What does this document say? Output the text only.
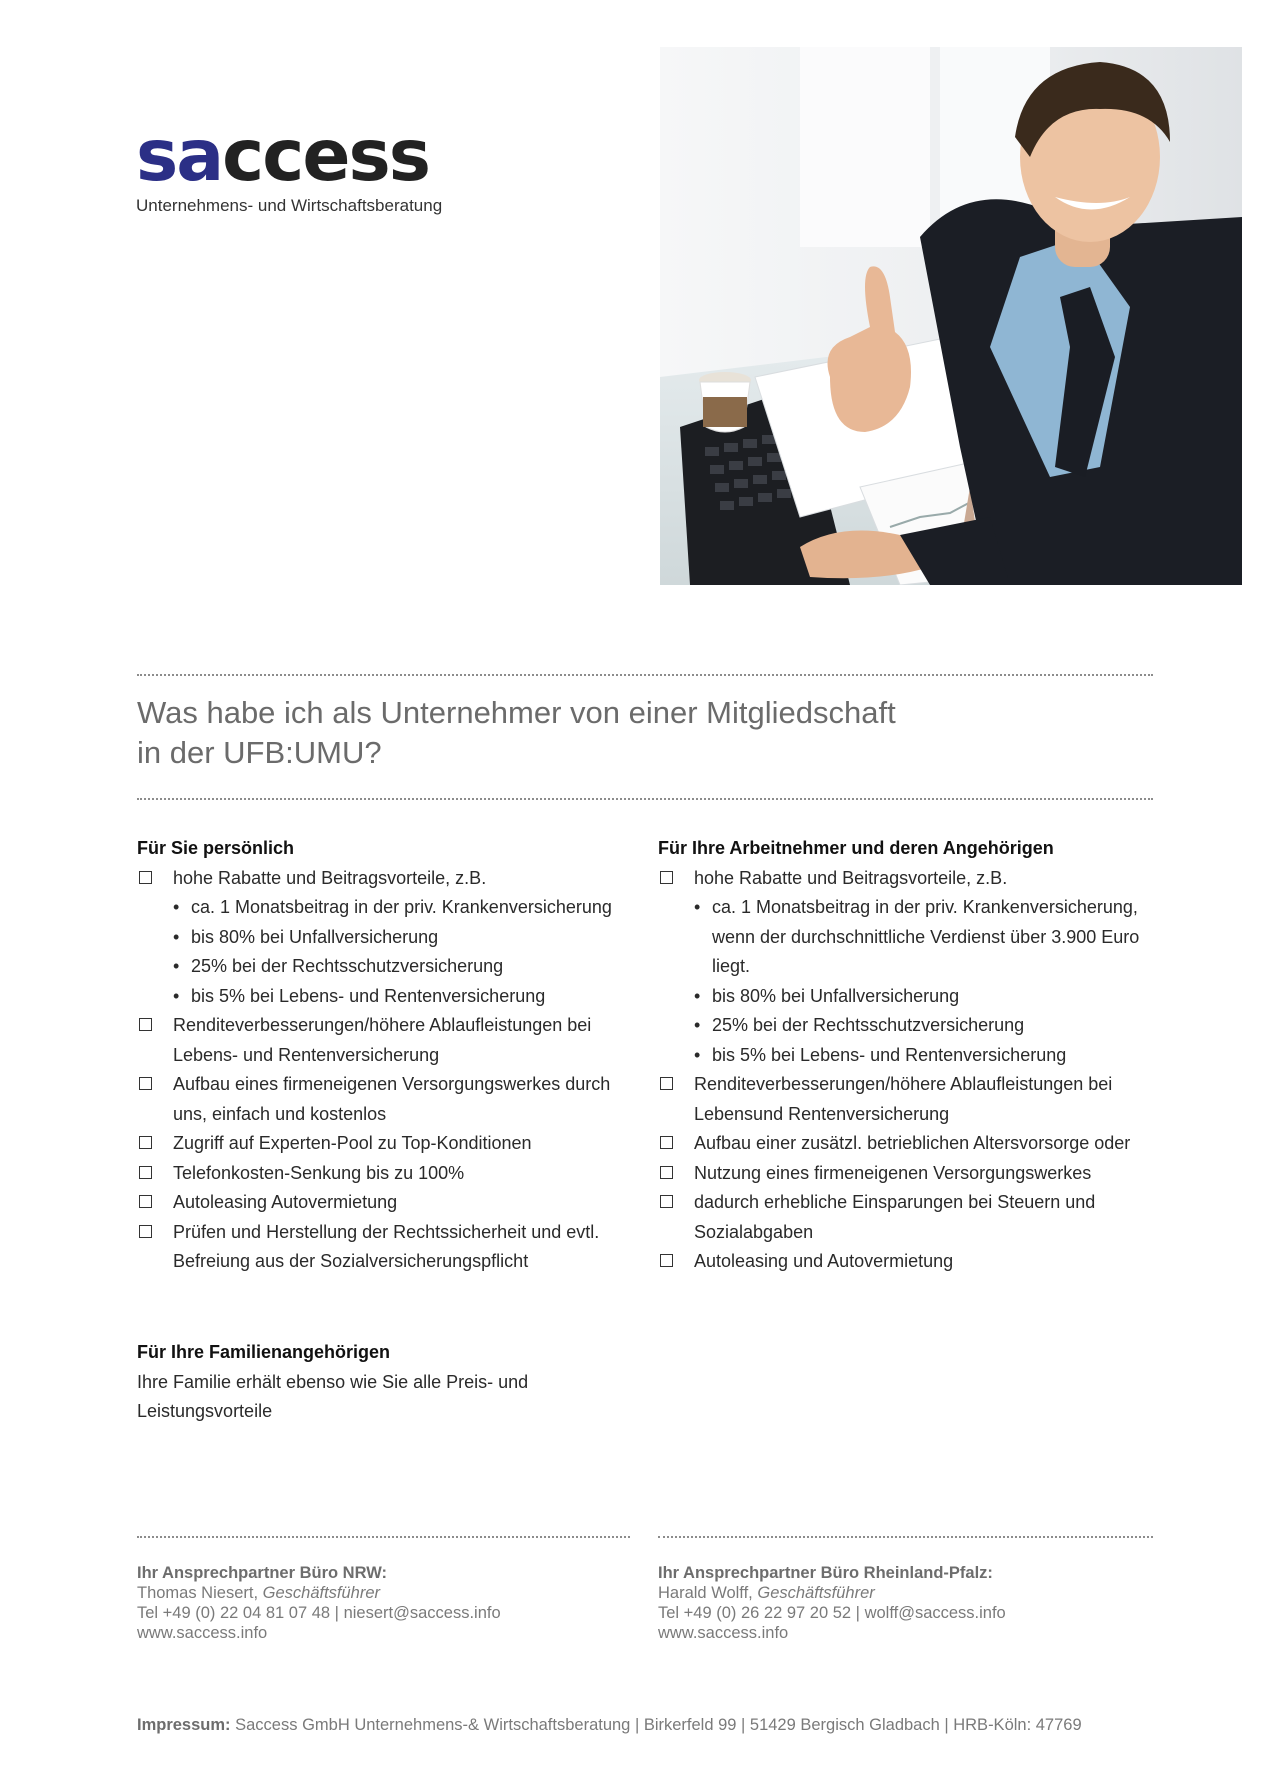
saccess
Unternehmens- und Wirtschaftsberatung
Was habe ich als Unternehmer von einer Mitgliedschaft
in der UFB:UMU?
Für Sie persönlich
hohe Rabatte und Beitragsvorteile, z.B.
• ca. 1 Monatsbeitrag in der priv. Krankenversicherung
• bis 80% bei Unfallversicherung
• 25% bei der Rechtsschutzversicherung
• bis 5% bei Lebens- und Rentenversicherung
Renditeverbesserungen/höhere Ablaufleistungen bei Lebens- und Rentenversicherung
Aufbau eines firmeneigenen Versorgungswerkes durch uns, einfach und kostenlos
Zugriff auf Experten-Pool zu Top-Konditionen
Telefonkosten-Senkung bis zu 100%
Autoleasing Autovermietung
Prüfen und Herstellung der Rechtssicherheit und evtl. Befreiung aus der Sozialversicherungspflicht
Für Ihre Arbeitnehmer und deren Angehörigen
hohe Rabatte und Beitragsvorteile, z.B.
• ca. 1 Monatsbeitrag in der priv. Krankenversicherung, wenn der durchschnittliche Verdienst über 3.900 Euro liegt.
• bis 80% bei Unfallversicherung
• 25% bei der Rechtsschutzversicherung
• bis 5% bei Lebens- und Rentenversicherung
Renditeverbesserungen/höhere Ablaufleistungen bei Lebensund Rentenversicherung
Aufbau einer zusätzl. betrieblichen Altersvorsorge oder
Nutzung eines firmeneigenen Versorgungswerkes
dadurch erhebliche Einsparungen bei Steuern und Sozialabgaben
Autoleasing und Autovermietung
Für Ihre Familienangehörigen
Ihre Familie erhält ebenso wie Sie alle Preis- und Leistungsvorteile
Ihr Ansprechpartner Büro NRW:
Thomas Niesert, Geschäftsführer
Tel +49 (0) 22 04 81 07 48 | niesert@saccess.info
www.saccess.info
Ihr Ansprechpartner Büro Rheinland-Pfalz:
Harald Wolff, Geschäftsführer
Tel +49 (0) 26 22 97 20 52 | wolff@saccess.info
www.saccess.info
Impressum: Saccess GmbH Unternehmens-& Wirtschaftsberatung | Birkerfeld 99 | 51429 Bergisch Gladbach | HRB-Köln: 47769
